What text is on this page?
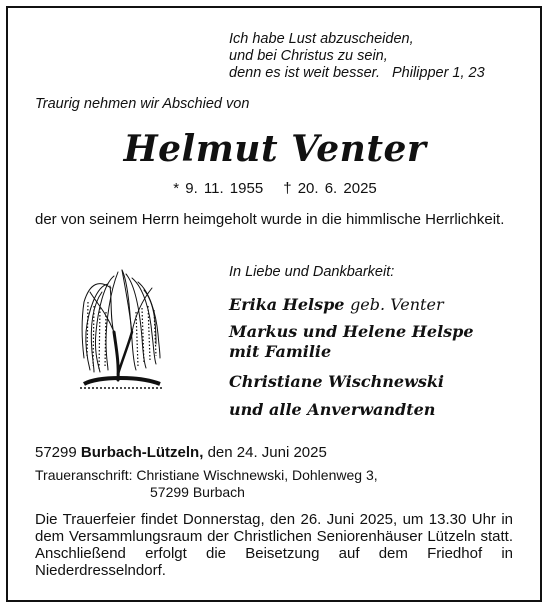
Ich habe Lust abzuscheiden,
und bei Christus zu sein,
denn es ist weit besser. Philipper 1, 23
Traurig nehmen wir Abschied von
Helmut Venter
* 9. 11. 1955 † 20. 6. 2025
der von seinem Herrn heimgeholt wurde in die himmlische Herrlichkeit.
In Liebe und Dankbarkeit:
Erika Helspe geb. Venter
Markus und Helene Helspe
mit Familie
Christiane Wischnewski
und alle Anverwandten
57299 Burbach-Lützeln, den 24. Juni 2025
Traueranschrift: Christiane Wischnewski, Dohlenweg 3,
57299 Burbach
Die Trauerfeier findet Donnerstag, den 26. Juni 2025, um 13.30 Uhr in dem Versammlungsraum der Christlichen Seniorenhäuser Lützeln statt. Anschließend erfolgt die Beisetzung auf dem Friedhof in Niederdresselndorf.
